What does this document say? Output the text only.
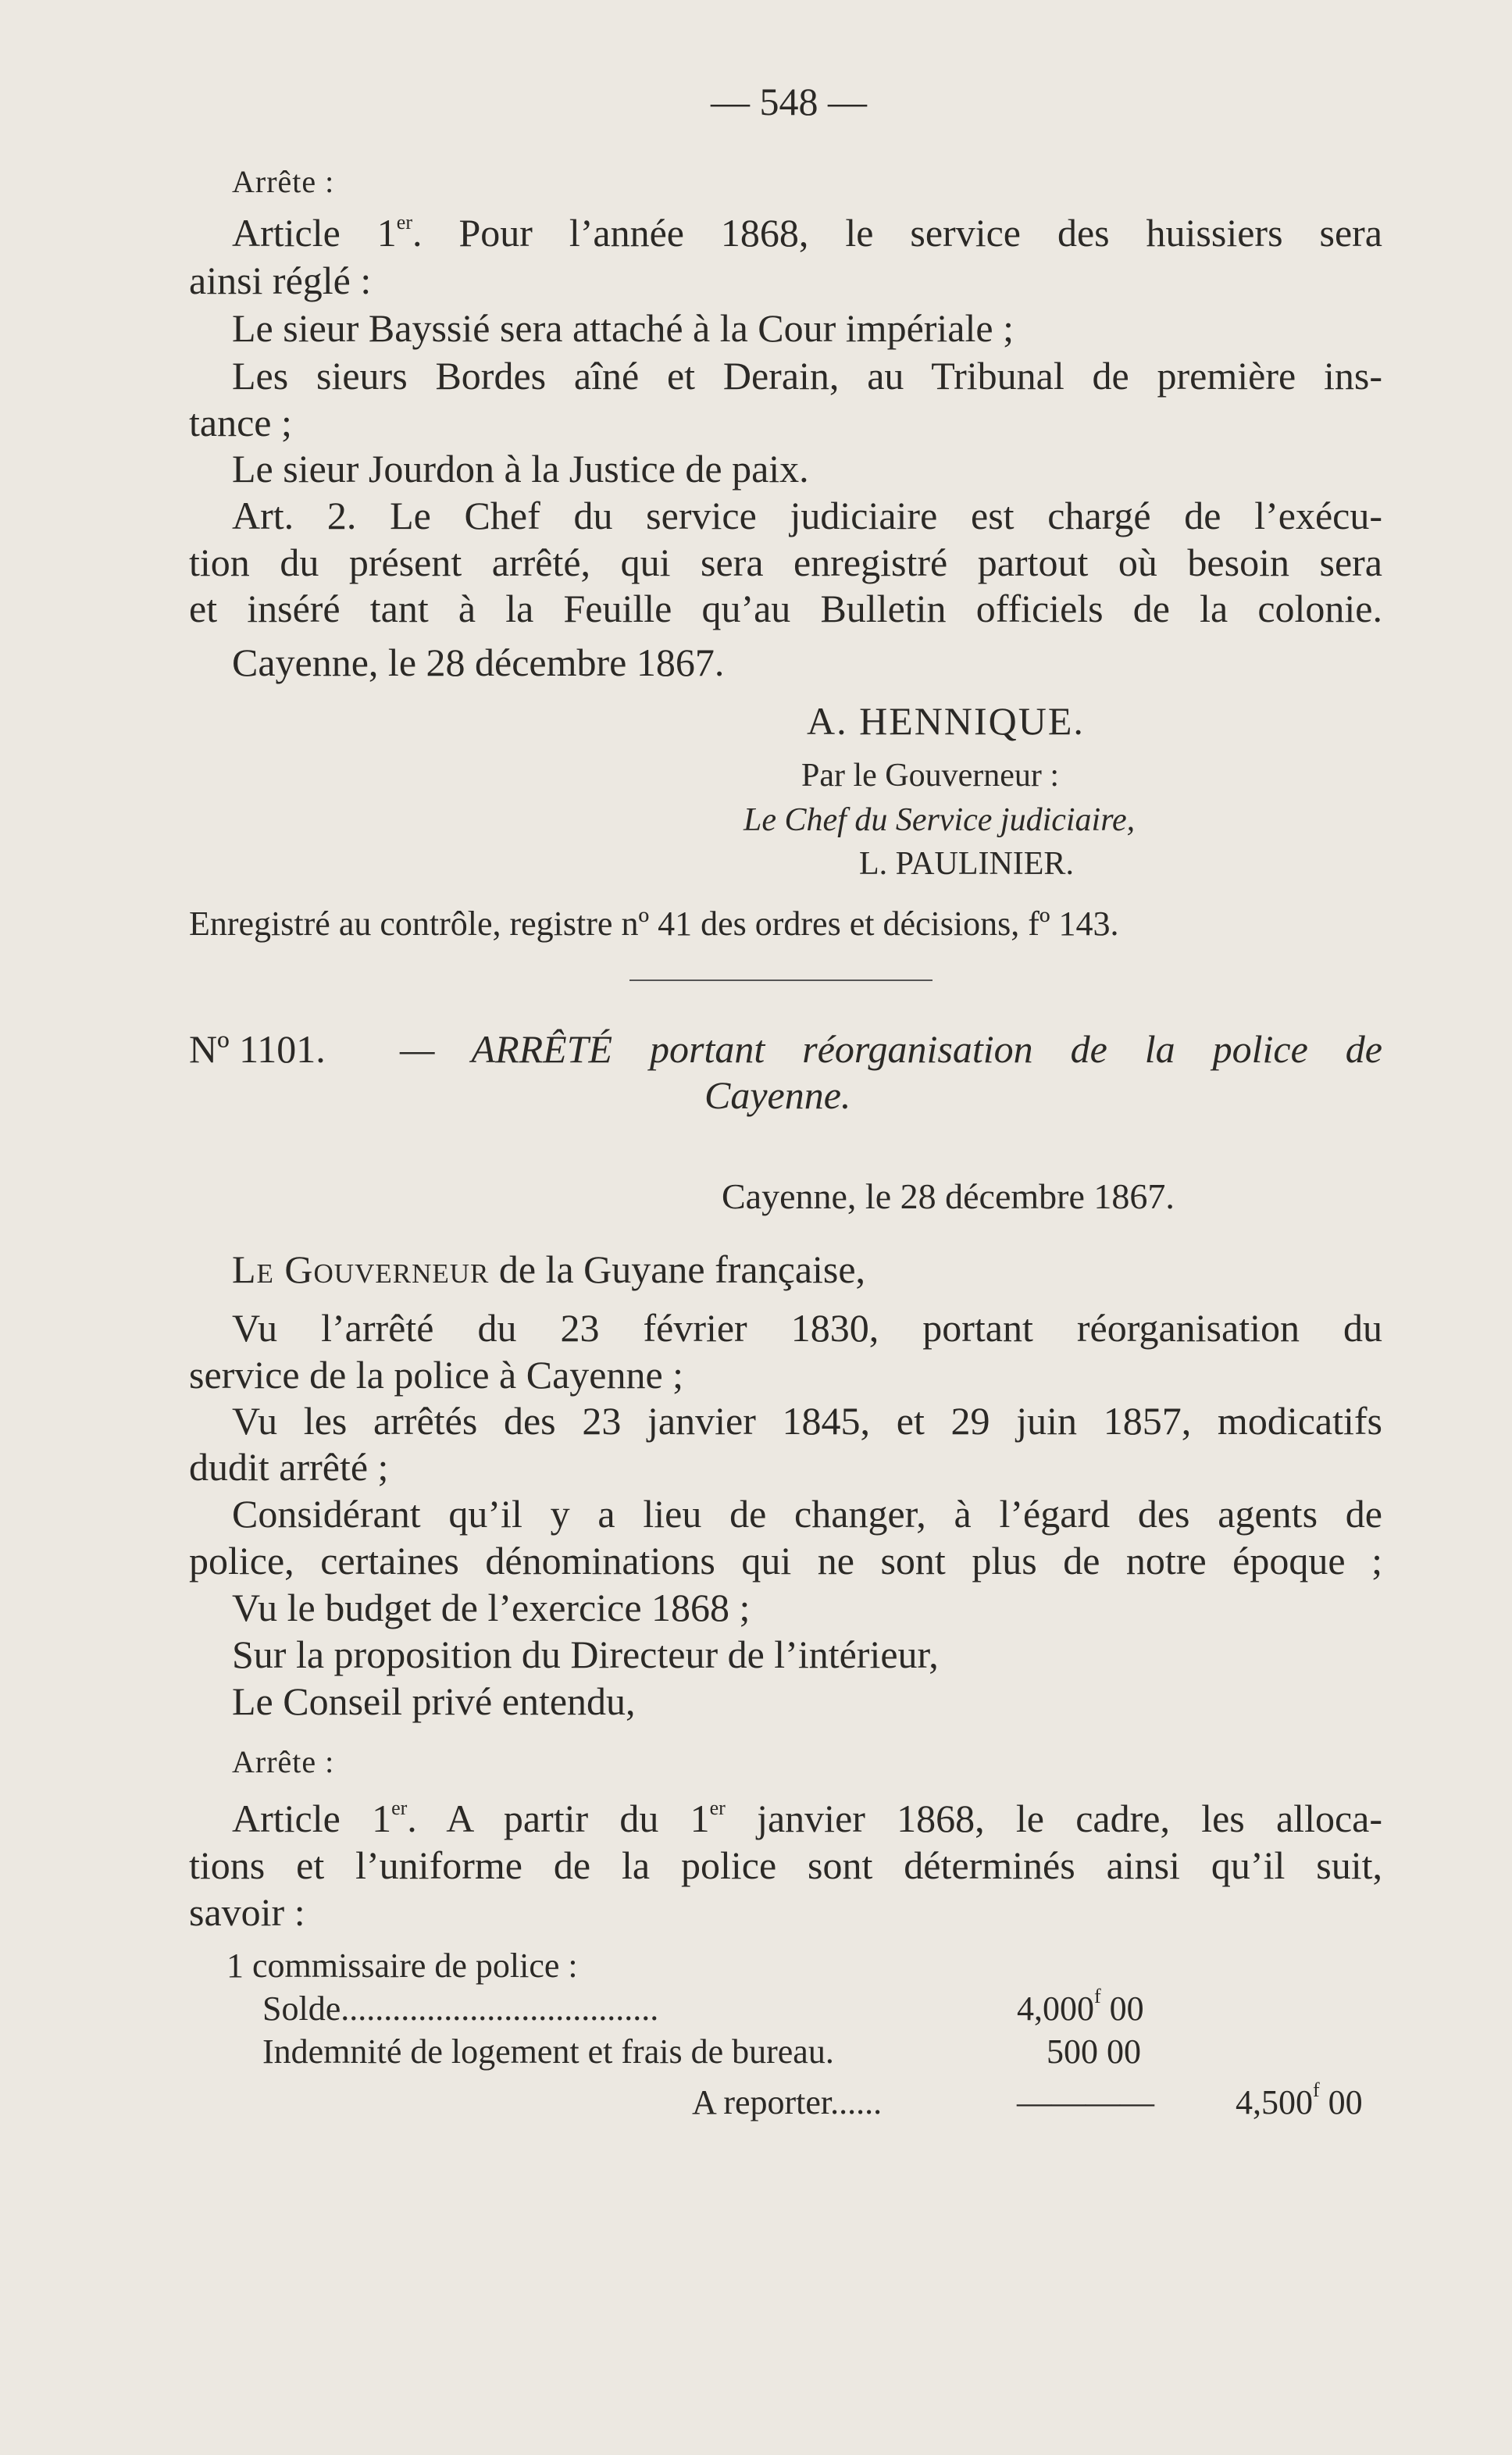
— 548 —
Arrête :
Article 1er. Pour l’année 1868, le service des huissiers sera
ainsi réglé :
Le sieur Bayssié sera attaché à la Cour impériale ;
Les sieurs Bordes aîné et Derain, au Tribunal de première ins-
tance ;
Le sieur Jourdon à la Justice de paix.
Art. 2. Le Chef du service judiciaire est chargé de l’exécu-
tion du présent arrêté, qui sera enregistré partout où besoin sera
et inséré tant à la Feuille qu’au Bulletin officiels de la colonie.
Cayenne, le 28 décembre 1867.
A. HENNIQUE.
Par le Gouverneur :
Le Chef du Service judiciaire,
L. PAULINIER.
Enregistré au contrôle, registre nº 41 des ordres et décisions, fº 143.
Nº 1101. — ARRÊTÉ portant réorganisation de la police de
Cayenne.
Cayenne, le 28 décembre 1867.
Le Gouverneur de la Guyane française,
Vu l’arrêté du 23 février 1830, portant réorganisation du
service de la police à Cayenne ;
Vu les arrêtés des 23 janvier 1845, et 29 juin 1857, modicatifs
dudit arrêté ;
Considérant qu’il y a lieu de changer, à l’égard des agents de
police, certaines dénominations qui ne sont plus de notre époque ;
Vu le budget de l’exercice 1868 ;
Sur la proposition du Directeur de l’intérieur,
Le Conseil privé entendu,
Arrête :
Article 1er. A partir du 1er janvier 1868, le cadre, les alloca-
tions et l’uniforme de la police sont déterminés ainsi qu’il suit,
savoir :
1 commissaire de police :
Solde.....................................	4,000$^f$ 00
Indemnité de logement et frais de bureau.	500 00
A reporter......	———— 4,500$^f$ 00
